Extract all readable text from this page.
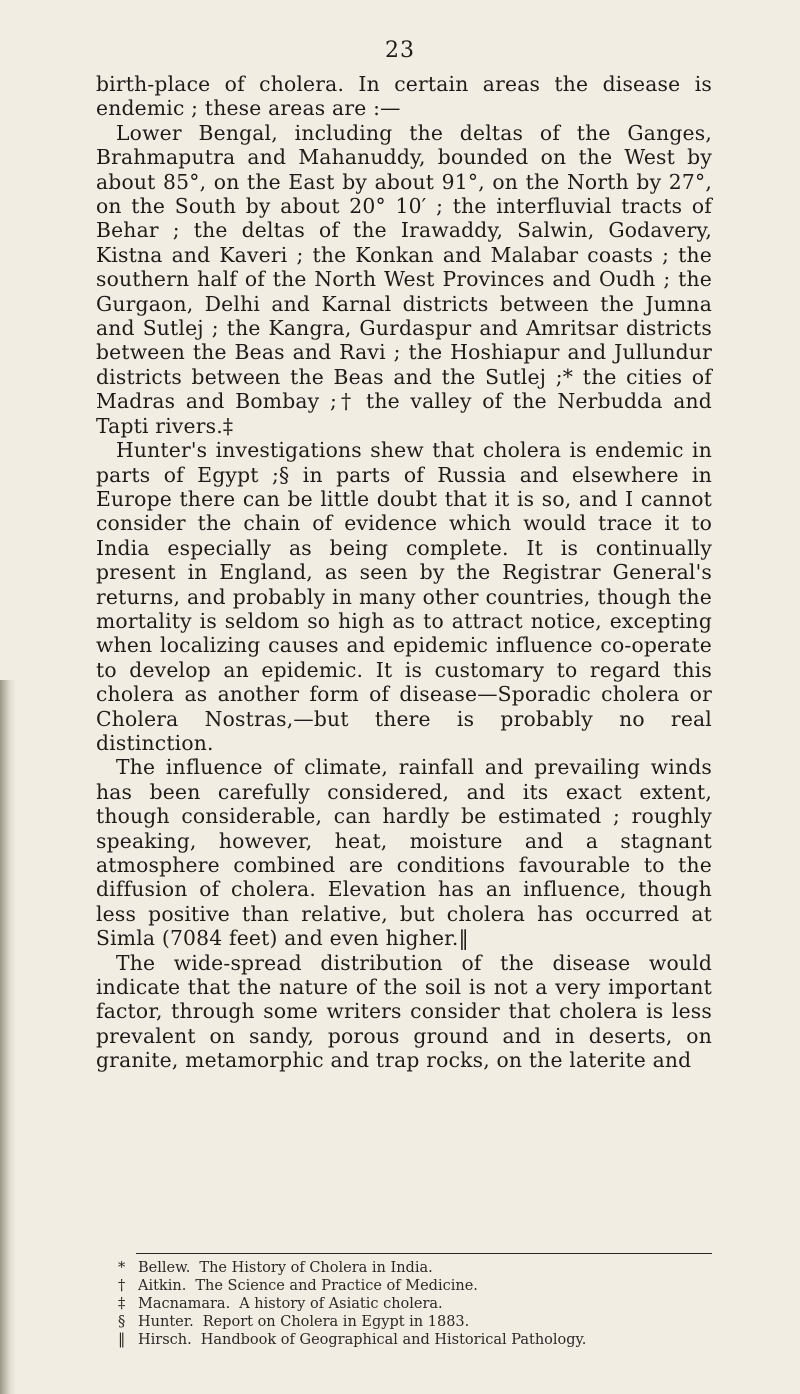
23

birth-place of cholera. In certain areas the disease is endemic ; these areas are :—

Lower Bengal, including the deltas of the Ganges, Brahmaputra and Mahanuddy, bounded on the West by about 85°, on the East by about 91°, on the North by 27°, on the South by about 20° 10′ ; the interfluvial tracts of Behar ; the deltas of the Irawaddy, Salwin, Godavery, Kistna and Kaveri ; the Konkan and Malabar coasts ; the southern half of the North West Provinces and Oudh ; the Gurgaon, Delhi and Karnal districts between the Jumna and Sutlej ; the Kangra, Gurdaspur and Amritsar districts between the Beas and Ravi ; the Hoshiapur and Jullundur districts between the Beas and the Sutlej ;* the cities of Madras and Bombay ;† the valley of the Nerbudda and Tapti rivers.‡

Hunter's investigations shew that cholera is endemic in parts of Egypt ;§ in parts of Russia and elsewhere in Europe there can be little doubt that it is so, and I cannot consider the chain of evidence which would trace it to India especially as being complete. It is continually present in England, as seen by the Registrar General's returns, and probably in many other countries, though the mortality is seldom so high as to attract notice, excepting when localizing causes and epidemic influence co-operate to develop an epidemic. It is customary to regard this cholera as another form of disease—Sporadic cholera or Cholera Nostras,—but there is probably no real distinction.

The influence of climate, rainfall and prevailing winds has been carefully considered, and its exact extent, though considerable, can hardly be estimated ; roughly speaking, however, heat, moisture and a stagnant atmosphere combined are conditions favourable to the diffusion of cholera. Elevation has an influence, though less positive than relative, but cholera has occurred at Simla (7084 feet) and even higher.‖

The wide-spread distribution of the disease would indicate that the nature of the soil is not a very important factor, through some writers consider that cholera is less prevalent on sandy, porous ground and in deserts, on granite, metamorphic and trap rocks, on the laterite and

* Bellew. The History of Cholera in India.
† Aitkin. The Science and Practice of Medicine.
‡ Macnamara. A history of Asiatic cholera.
§ Hunter. Report on Cholera in Egypt in 1883.
‖ Hirsch. Handbook of Geographical and Historical Pathology.
